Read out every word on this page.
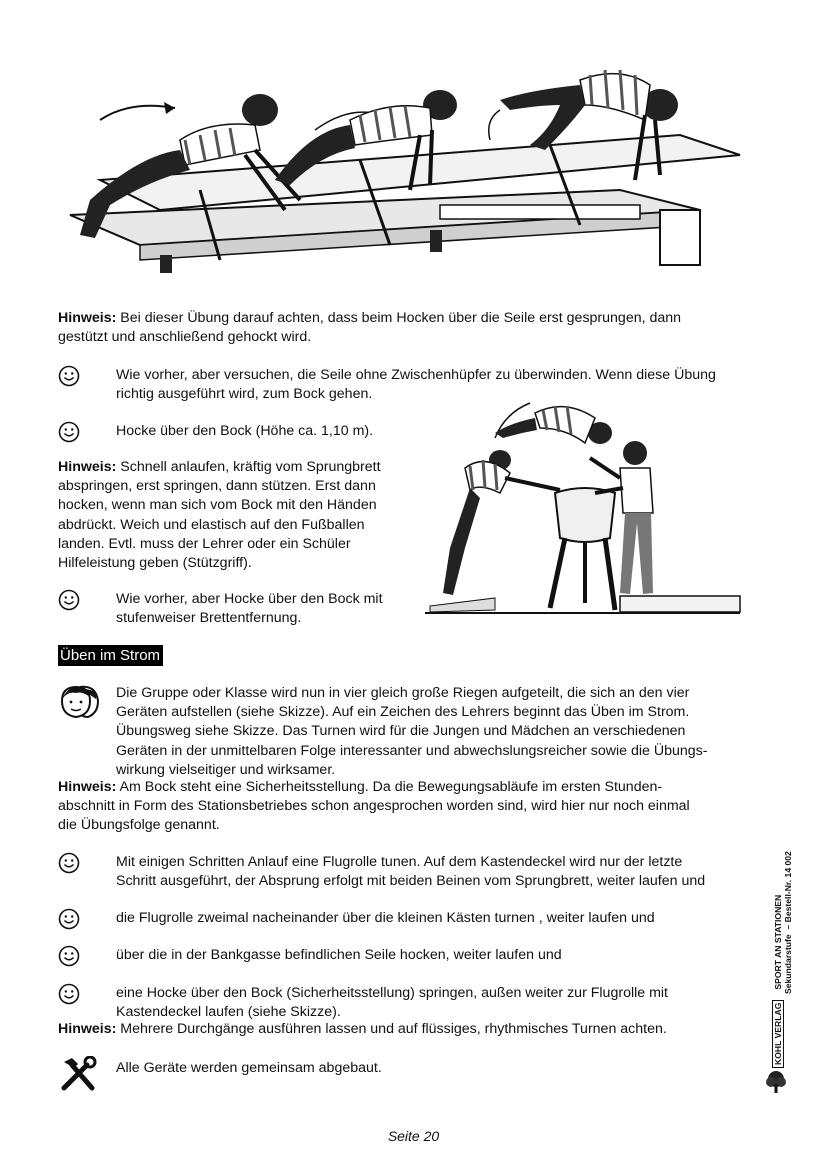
Hinweis: Bei dieser Übung darauf achten, dass beim Hocken über die Seile erst gesprungen, dann
gestützt und anschließend gehockt wird.
Wie vorher, aber versuchen, die Seile ohne Zwischenhüpfer zu überwinden. Wenn diese Übung
richtig ausgeführt wird, zum Bock gehen.
Hocke über den Bock (Höhe ca. 1,10 m).
Hinweis: Schnell anlaufen, kräftig vom Sprungbrett
abspringen, erst springen, dann stützen. Erst dann
hocken, wenn man sich vom Bock mit den Händen
abdrückt. Weich und elastisch auf den Fußballen
landen. Evtl. muss der Lehrer oder ein Schüler
Hilfeleistung geben (Stützgriff).
Wie vorher, aber Hocke über den Bock mit
stufenweiser Brettentfernung.
Üben im Strom
Die Gruppe oder Klasse wird nun in vier gleich große Riegen aufgeteilt, die sich an den vier
Geräten aufstellen (siehe Skizze). Auf ein Zeichen des Lehrers beginnt das Üben im Strom.
Übungsweg siehe Skizze. Das Turnen wird für die Jungen und Mädchen an verschiedenen
Geräten in der unmittelbaren Folge interessanter und abwechslungsreicher sowie die Übungs-
wirkung vielseitiger und wirksamer.
Hinweis: Am Bock steht eine Sicherheitsstellung. Da die Bewegungsabläufe im ersten Stunden-
abschnitt in Form des Stationsbetriebes schon angesprochen worden sind, wird hier nur noch einmal
die Übungsfolge genannt.
Mit einigen Schritten Anlauf eine Flugrolle tunen. Auf dem Kastendeckel wird nur der letzte
Schritt ausgeführt, der Absprung erfolgt mit beiden Beinen vom Sprungbrett, weiter laufen und
die Flugrolle zweimal nacheinander über die kleinen Kästen turnen , weiter laufen und
über die in der Bankgasse befindlichen Seile hocken, weiter laufen und
eine Hocke über den Bock (Sicherheitsstellung) springen, außen weiter zur Flugrolle mit
Kastendeckel laufen (siehe Skizze).
Hinweis: Mehrere Durchgänge ausführen lassen und auf flüssiges, rhythmisches Turnen achten.
Alle Geräte werden gemeinsam abgebaut.
KOHL VERLAGSPORT AN STATIONEN Sekundarstufe  – Bestell-Nr. 14 002
Seite 20
